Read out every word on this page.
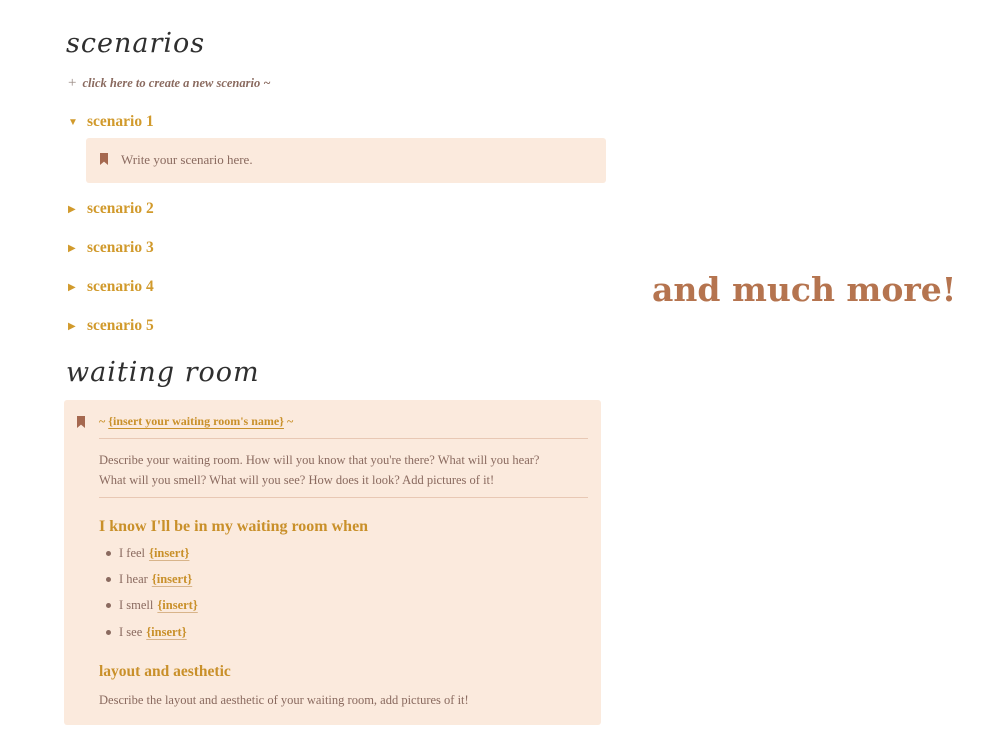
scenarios
+ click here to create a new scenario ~
▼ scenario 1
Write your scenario here.
▶ scenario 2
▶ scenario 3
▶ scenario 4
▶ scenario 5
waiting room
~ {insert your waiting room's name} ~
Describe your waiting room. How will you know that you're there? What will you hear?
What will you smell? What will you see? How does it look? Add pictures of it!
I know I'll be in my waiting room when
I feel {insert}
I hear {insert}
I smell {insert}
I see {insert}
layout and aesthetic
Describe the layout and aesthetic of your waiting room, add pictures of it!
and much more!
